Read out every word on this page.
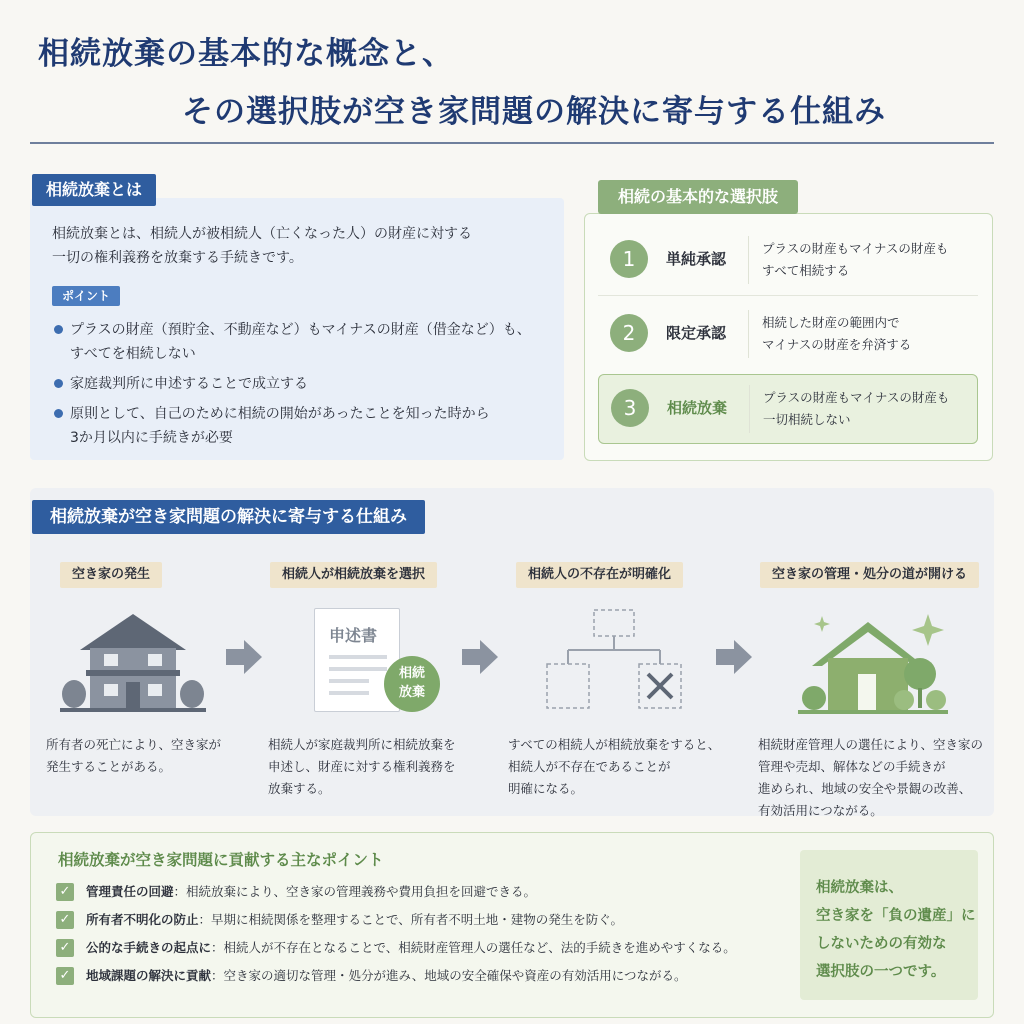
相続放棄の基本的な概念と、
その選択肢が空き家問題の解決に寄与する仕組み
相続放棄とは
相続放棄とは、相続人が被相続人（亡くなった人）の財産に対する
一切の権利義務を放棄する手続きです。
ポイント
プラスの財産（預貯金、不動産など）もマイナスの財産（借金など）も、
すべてを相続しない
家庭裁判所に申述することで成立する
原則として、自己のために相続の開始があったことを知った時から
3か月以内に手続きが必要
相続の基本的な選択肢
1	単純承認
プラスの財産もマイナスの財産も
すべて相続する
2	限定承認
相続した財産の範囲内で
マイナスの財産を弁済する
3	相続放棄
プラスの財産もマイナスの財産も
一切相続しない
相続放棄が空き家問題の解決に寄与する仕組み
空き家の発生	相続人が相続放棄を選択	相続人の不存在が明確化	空き家の管理・処分の道が開ける
申述書
相続
放棄
所有者の死亡により、空き家が
発生することがある。
相続人が家庭裁判所に相続放棄を
申述し、財産に対する権利義務を
放棄する。
すべての相続人が相続放棄をすると、
相続人が不存在であることが
明確になる。
相続財産管理人の選任により、空き家の
管理や売却、解体などの手続きが
進められ、地域の安全や景観の改善、
有効活用につながる。
相続放棄が空き家問題に貢献する主なポイント
✓ 管理責任の回避：相続放棄により、空き家の管理義務や費用負担を回避できる。
✓ 所有者不明化の防止：早期に相続関係を整理することで、所有者不明土地・建物の発生を防ぐ。
✓ 公的な手続きの起点に：相続人が不存在となることで、相続財産管理人の選任など、法的手続きを進めやすくなる。
✓ 地域課題の解決に貢献：空き家の適切な管理・処分が進み、地域の安全確保や資産の有効活用につながる。
相続放棄は、
空き家を「負の遺産」に
しないための有効な
選択肢の一つです。
